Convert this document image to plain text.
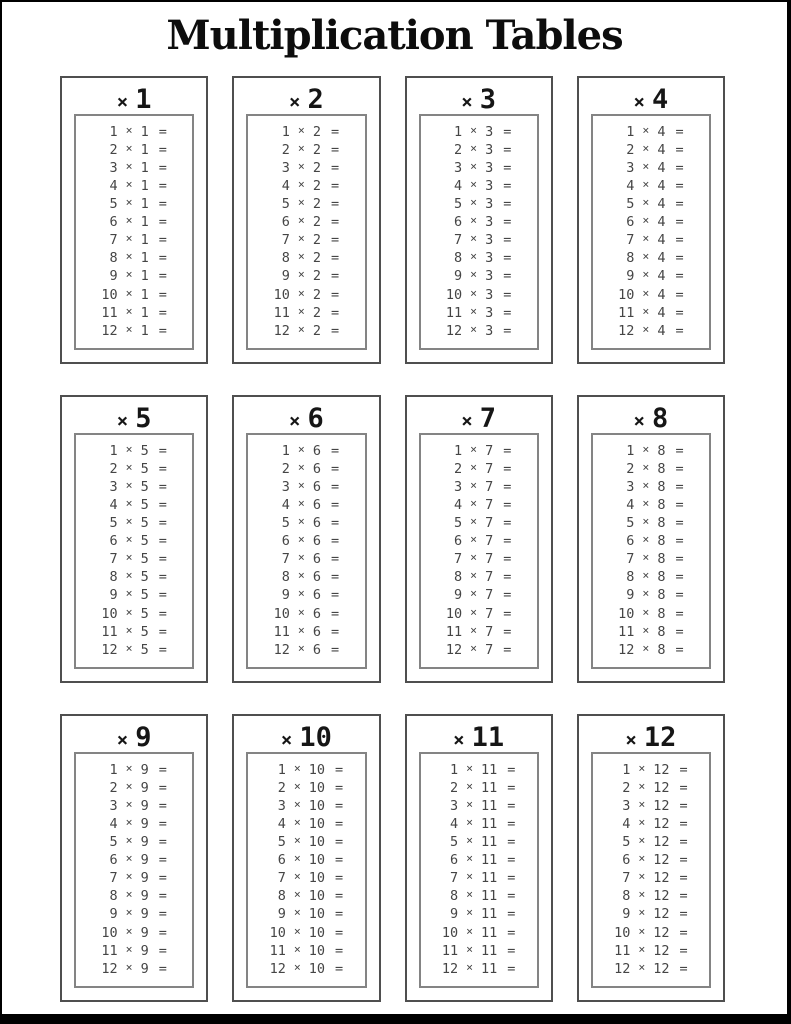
Multiplication Tables
× 1
1 × 1 =
2 × 1 =
3 × 1 =
4 × 1 =
5 × 1 =
6 × 1 =
7 × 1 =
8 × 1 =
9 × 1 =
10 × 1 =
11 × 1 =
12 × 1 =
× 2
1 × 2 =
2 × 2 =
3 × 2 =
4 × 2 =
5 × 2 =
6 × 2 =
7 × 2 =
8 × 2 =
9 × 2 =
10 × 2 =
11 × 2 =
12 × 2 =
× 3
1 × 3 =
2 × 3 =
3 × 3 =
4 × 3 =
5 × 3 =
6 × 3 =
7 × 3 =
8 × 3 =
9 × 3 =
10 × 3 =
11 × 3 =
12 × 3 =
× 4
1 × 4 =
2 × 4 =
3 × 4 =
4 × 4 =
5 × 4 =
6 × 4 =
7 × 4 =
8 × 4 =
9 × 4 =
10 × 4 =
11 × 4 =
12 × 4 =
× 5
1 × 5 =
2 × 5 =
3 × 5 =
4 × 5 =
5 × 5 =
6 × 5 =
7 × 5 =
8 × 5 =
9 × 5 =
10 × 5 =
11 × 5 =
12 × 5 =
× 6
1 × 6 =
2 × 6 =
3 × 6 =
4 × 6 =
5 × 6 =
6 × 6 =
7 × 6 =
8 × 6 =
9 × 6 =
10 × 6 =
11 × 6 =
12 × 6 =
× 7
1 × 7 =
2 × 7 =
3 × 7 =
4 × 7 =
5 × 7 =
6 × 7 =
7 × 7 =
8 × 7 =
9 × 7 =
10 × 7 =
11 × 7 =
12 × 7 =
× 8
1 × 8 =
2 × 8 =
3 × 8 =
4 × 8 =
5 × 8 =
6 × 8 =
7 × 8 =
8 × 8 =
9 × 8 =
10 × 8 =
11 × 8 =
12 × 8 =
× 9
1 × 9 =
2 × 9 =
3 × 9 =
4 × 9 =
5 × 9 =
6 × 9 =
7 × 9 =
8 × 9 =
9 × 9 =
10 × 9 =
11 × 9 =
12 × 9 =
× 10
1 × 10 =
2 × 10 =
3 × 10 =
4 × 10 =
5 × 10 =
6 × 10 =
7 × 10 =
8 × 10 =
9 × 10 =
10 × 10 =
11 × 10 =
12 × 10 =
× 11
1 × 11 =
2 × 11 =
3 × 11 =
4 × 11 =
5 × 11 =
6 × 11 =
7 × 11 =
8 × 11 =
9 × 11 =
10 × 11 =
11 × 11 =
12 × 11 =
× 12
1 × 12 =
2 × 12 =
3 × 12 =
4 × 12 =
5 × 12 =
6 × 12 =
7 × 12 =
8 × 12 =
9 × 12 =
10 × 12 =
11 × 12 =
12 × 12 =
